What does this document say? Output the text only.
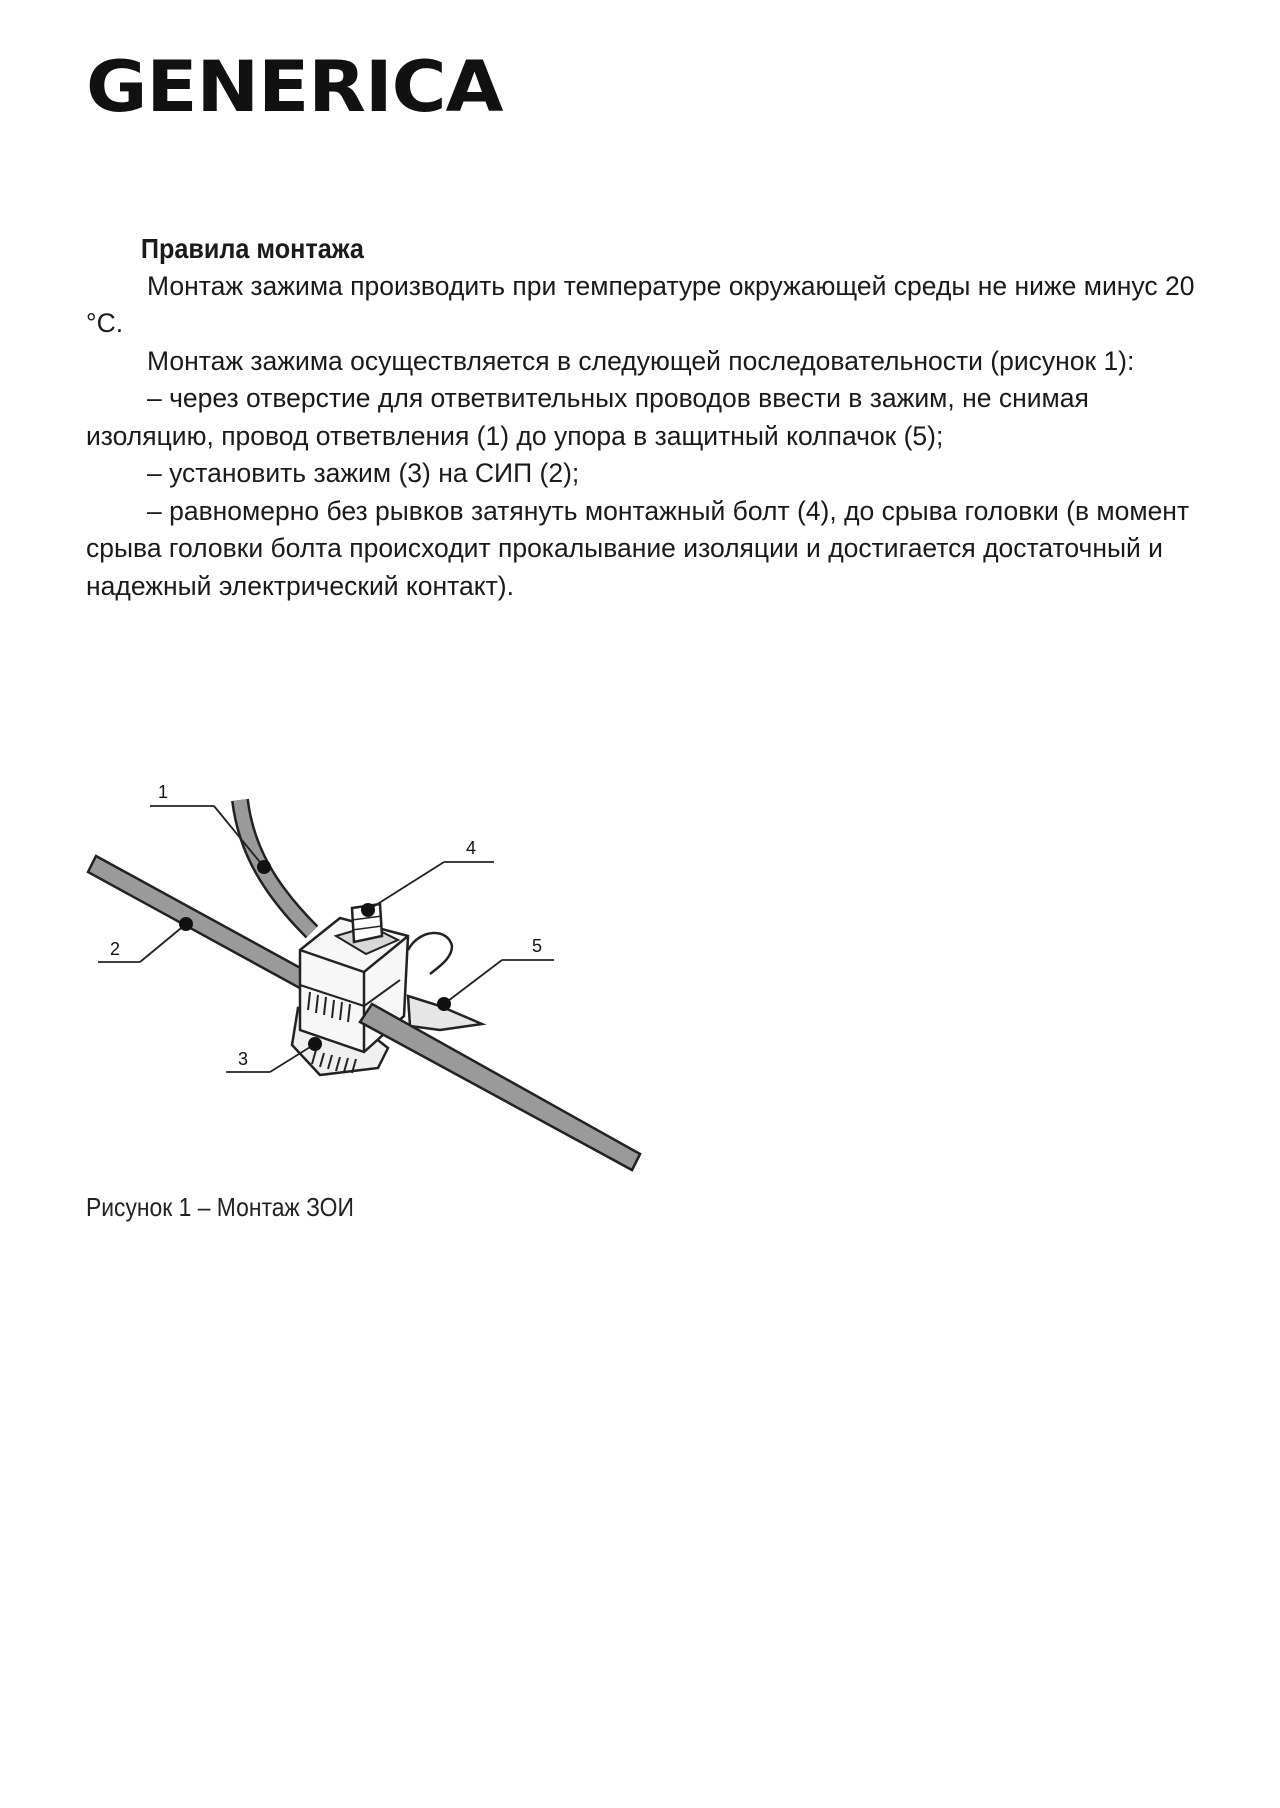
GENERICA

Правила монтажа

Монтаж зажима производить при температуре окружающей среды не ниже минус 20 °C.

Монтаж зажима осуществляется в следующей последовательности (рисунок 1):

– через отверстие для ответвительных проводов ввести в зажим, не снимая изоляцию, провод ответвления (1) до упора в защитный колпачок (5);

– установить зажим (3) на СИП (2);

– равномерно без рывков затянуть монтажный болт (4), до срыва головки (в момент срыва головки болта происходит прокалывание изоляции и достигается достаточный и надежный электрический контакт).

1
2
3
4
5
Рисунок 1 – Монтаж ЗОИ
